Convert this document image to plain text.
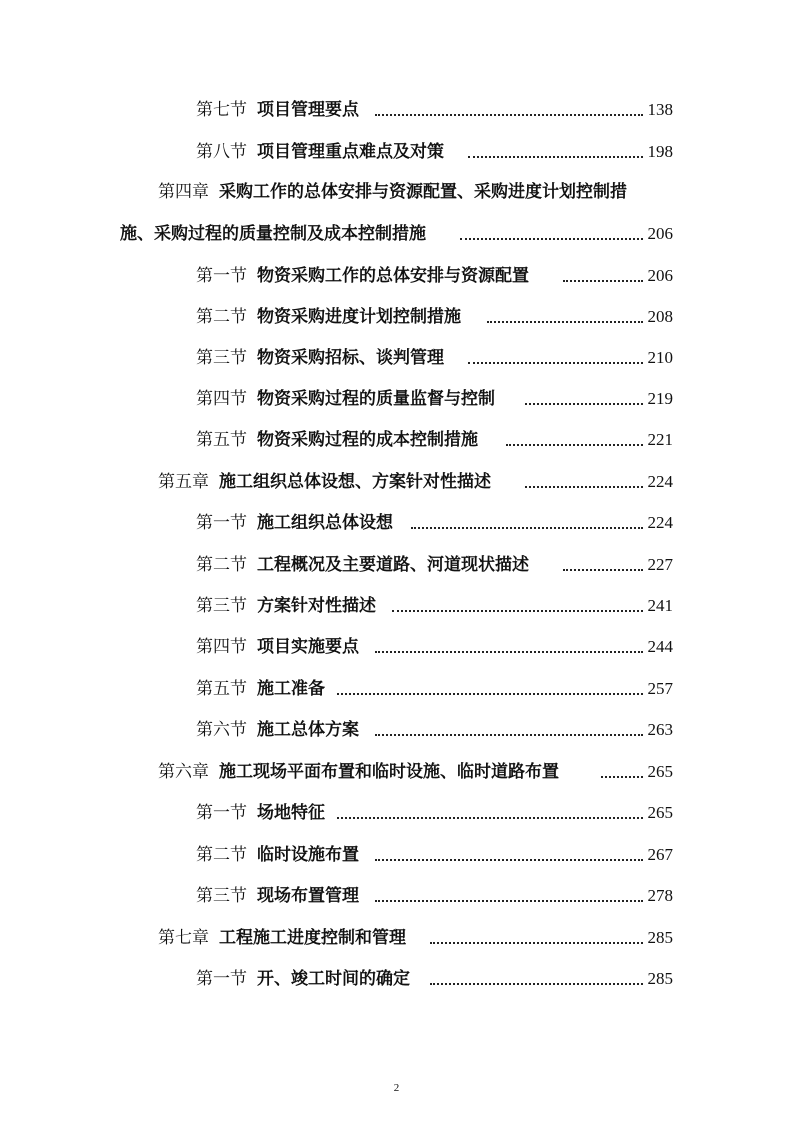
第七节 项目管理要点	138
第八节 项目管理重点难点及对策	198
第四章 采购工作的总体安排与资源配置、采购进度计划控制措
施、采购过程的质量控制及成本控制措施	206
第一节 物资采购工作的总体安排与资源配置	206
第二节 物资采购进度计划控制措施	208
第三节 物资采购招标、谈判管理	210
第四节 物资采购过程的质量监督与控制	219
第五节 物资采购过程的成本控制措施	221
第五章 施工组织总体设想、方案针对性描述	224
第一节 施工组织总体设想	224
第二节 工程概况及主要道路、河道现状描述	227
第三节 方案针对性描述	241
第四节 项目实施要点	244
第五节 施工准备	257
第六节 施工总体方案	263
第六章 施工现场平面布置和临时设施、临时道路布置	265
第一节 场地特征	265
第二节 临时设施布置	267
第三节 现场布置管理	278
第七章 工程施工进度控制和管理	285
第一节 开、竣工时间的确定	285
2
